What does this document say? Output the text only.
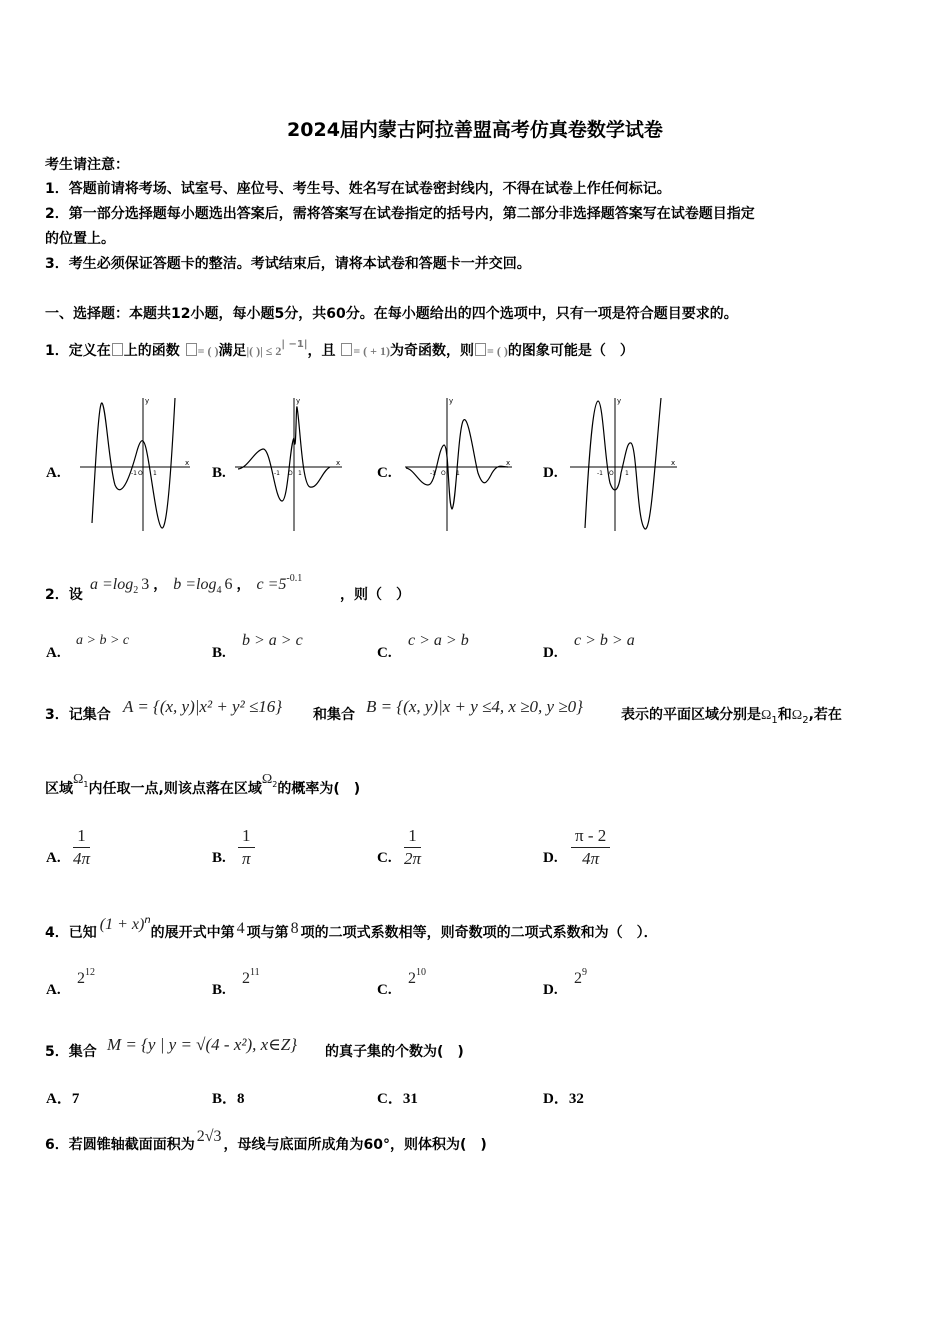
2024届内蒙古阿拉善盟高考仿真卷数学试卷
考生请注意：
1．答题前请将考场、试室号、座位号、考生号、姓名写在试卷密封线内，不得在试卷上作任何标记。
2．第一部分选择题每小题选出答案后，需将答案写在试卷指定的括号内，第二部分非选择题答案写在试卷题目指定
的位置上。
3．考生必须保证答题卡的整洁。考试结束后，请将本试卷和答题卡一并交回。
一、选择题：本题共12小题，每小题5分，共60分。在每小题给出的四个选项中，只有一项是符合题目要求的。
1．定义在 上的函数 = ( )满足|( )| ≤ $2^{| -1|}$，且 = ( + 1)为奇函数，则 = ( )的图象可能是（　）
A.	B.	C.	D.
x
y
-1 O 1
x
y
-1 O 1
x
y
-1 O 1
x
y
-1 O 1
2．设
$a =\log_2$ 3 ， $b =\log_4$ 6 ， $c =5^{-0.1}$
，则（　）
A.
a > b > c
B.
b > a > c
C.
c > a > b
D.
c > b > a
3．记集合 A = {(x, y)|x² + y² ≤16} 和集合 B = {(x, y)|x + y ≤4, x ≥0, y ≥0}	表示的平面区域分别是$\Omega_1$和$\Omega_2$,若在
区域$\Omega^1$内任取一点,则该点落在区域$\Omega^2$的概率为(　)
A. $\frac{1}{4\pi}$	B. $\frac{1}{\pi}$	C. $\frac{1}{2\pi}$	D. $\frac{\pi - 2}{4\pi}$
4．已知 $(1 + x)^n$的展开式中第 4 项与第 8 项的二项式系数相等，则奇数项的二项式系数和为（　）．
A.
$2^{12}$
B.
$2^{11}$
C.
$2^{10}$
D.
$2^9$
5．集合 M = {y | y = √(4 - x²), x∈Z} 的真子集的个数为(　)
A．7	B．8	C．31	D．32
6．若圆锥轴截面面积为 2√3 ，母线与底面所成角为60°，则体积为(　)
